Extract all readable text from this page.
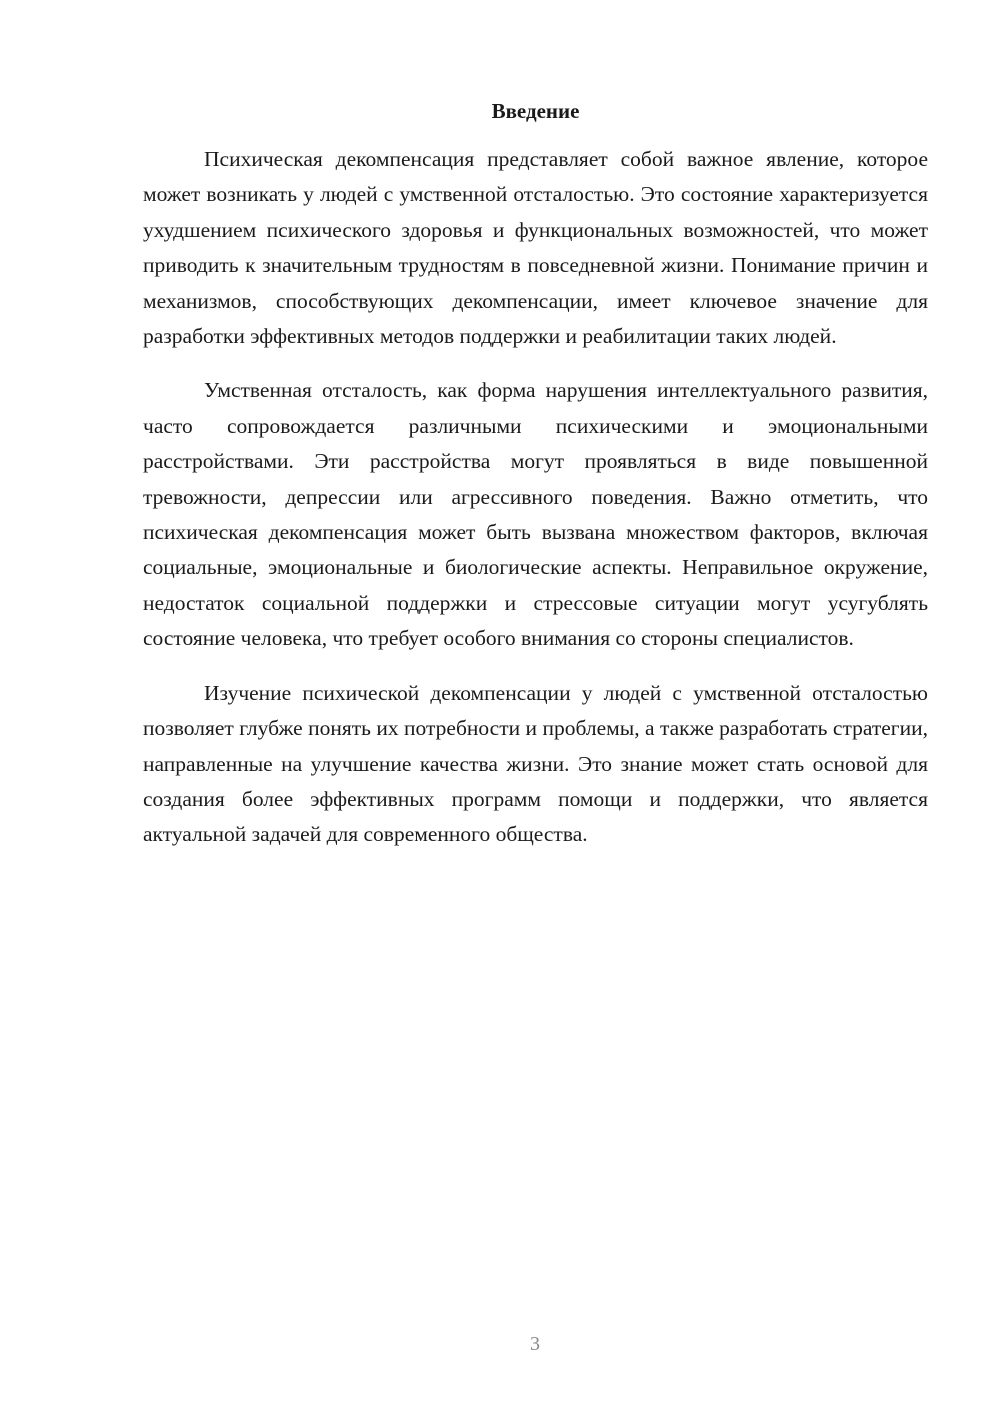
Введение

Психическая декомпенсация представляет собой важное явление, которое может возникать у людей с умственной отсталостью. Это состояние характеризуется ухудшением психического здоровья и функциональных возможностей, что может приводить к значительным трудностям в повседневной жизни. Понимание причин и механизмов, способствующих декомпенсации, имеет ключевое значение для разработки эффективных методов поддержки и реабилитации таких людей.

Умственная отсталость, как форма нарушения интеллектуального развития, часто сопровождается различными психическими и эмоциональными расстройствами. Эти расстройства могут проявляться в виде повышенной тревожности, депрессии или агрессивного поведения. Важно отметить, что психическая декомпенсация может быть вызвана множеством факторов, включая социальные, эмоциональные и биологические аспекты. Неправильное окружение, недостаток социальной поддержки и стрессовые ситуации могут усугублять состояние человека, что требует особого внимания со стороны специалистов.

Изучение психической декомпенсации у людей с умственной отсталостью позволяет глубже понять их потребности и проблемы, а также разработать стратегии, направленные на улучшение качества жизни. Это знание может стать основой для создания более эффективных программ помощи и поддержки, что является актуальной задачей для современного общества.

3
